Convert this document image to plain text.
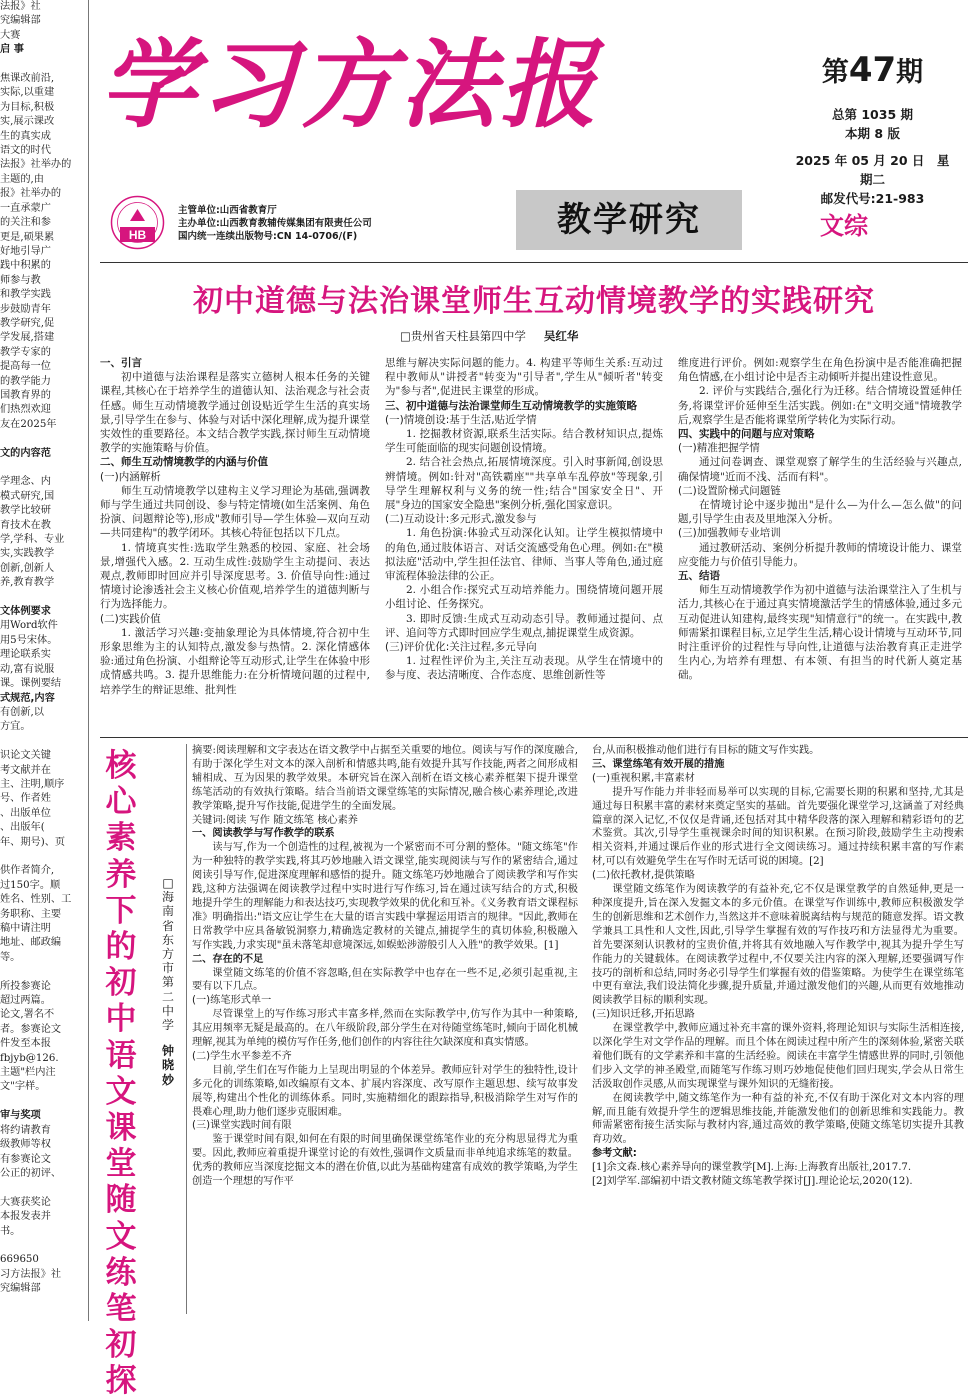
法报》社

究编辑部

大赛

启 事

焦课改前沿,

实际,以重建

为目标,积极

实,展示课改

生的真实成

语文的时代

法报》社举办的

主题的,由

报》社举办的

一直承蒙广

的关注和参

更是,硕果累

好地引导广

践中积累的

师参与教

和教学实践

步鼓励青年

教学研究,促

学发展,搭建

教学专家的

提高每一位

的教学能力

国教育界的

们热烈欢迎

友在2025年

文的内容范

学理念、内

模式研究,国

教学比较研

育技术在教

学,学科、专业

实,实践教学

创新,创新人

养,教育教学

文体例要求

用Word软件

用5号宋体。

理论联系实

动,富有说服

课。课例要结

式规范,内容

有创新,以

方宜。

识论文关键

考文献并在

主、注明,顺序

号、作者姓

、出版单位

、出版年(

年、期号)、页

供作者简介,

过150字。顺

姓名、性别、工

务职称、主要

稿中请注明

地址、邮政编

等。

所投参赛论

超过两篇。

论文,署名不

者。参赛论文

件发至本报

fbjyb@126.

主题"栏内注

文"字样。

审与奖项

将约请教育

级教师等权

有参赛论文

公正的初评、

大赛获奖论

本报发表并

书。

669650

习方法报》社

究编辑部

学习方法报	第47期
总第 1035 期
本期 8 版
2025 年 05 月 20 日　星期二
邮发代号:21-983
HB
主管单位:山西省教育厅
主办单位:山西教育教辅传媒集团有限责任公司
国内统一连续出版物号:CN 14-0706/(F)	教学研究	文综
初中道德与法治课堂师生互动情境教学的实践研究
□贵州省天柱县第四中学 吴红华

一、引言

初中道德与法治课程是落实立德树人根本任务的关键课程,其核心在于培养学生的道德认知、法治观念与社会责任感。师生互动情境教学通过创设贴近学生生活的真实场景,引导学生在参与、体验与对话中深化理解,成为提升课堂实效性的重要路径。本文结合教学实践,探讨师生互动情境教学的实施策略与价值。

二、师生互动情境教学的内涵与价值

(一)内涵解析

师生互动情境教学以建构主义学习理论为基础,强调教师与学生通过共同创设、参与特定情境(如生活案例、角色扮演、问题辩论等),形成"教师引导—学生体验—双向互动—共同建构"的教学闭环。其核心特征包括以下几点。

1. 情境真实性:选取学生熟悉的校园、家庭、社会场景,增强代入感。2. 互动生成性:鼓励学生主动提问、表达观点,教师即时回应并引导深度思考。3. 价值导向性:通过情境讨论渗透社会主义核心价值观,培养学生的道德判断与行为选择能力。

(二)实践价值

1. 激活学习兴趣:变抽象理论为具体情境,符合初中生形象思维为主的认知特点,激发参与热情。2. 深化情感体验:通过角色扮演、小组辩论等互动形式,让学生在体验中形成情感共鸣。3. 提升思维能力:在分析情境问题的过程中,培养学生的辩证思维、批判性

思维与解决实际问题的能力。4. 构建平等师生关系:互动过程中教师从"讲授者"转变为"引导者",学生从"倾听者"转变为"参与者",促进民主课堂的形成。

三、初中道德与法治课堂师生互动情境教学的实施策略

(一)情境创设:基于生活,贴近学情

1. 挖掘教材资源,联系生活实际。结合教材知识点,提炼学生可能面临的现实问题创设情境。

2. 结合社会热点,拓展情境深度。引入时事新闻,创设思辨情境。例如:针对"高铁霸座""共享单车乱停放"等现象,引导学生理解权利与义务的统一性;结合"国家安全日"、开展"身边的国家安全隐患"案例分析,强化国家意识。

(二)互动设计:多元形式,激发参与

1. 角色扮演:体验式互动深化认知。让学生模拟情境中的角色,通过肢体语言、对话交流感受角色心理。例如:在"模拟法庭"活动中,学生担任法官、律师、当事人等角色,通过庭审流程体验法律的公正。

2. 小组合作:探究式互动培养能力。围绕情境问题开展小组讨论、任务探究。

3. 即时反馈:生成式互动动态引导。教师通过提问、点评、追问等方式即时回应学生观点,捕捉课堂生成资源。

(三)评价优化:关注过程,多元导向

1. 过程性评价为主,关注互动表现。从学生在情境中的参与度、表达清晰度、合作态度、思维创新性等

维度进行评价。例如:观察学生在角色扮演中是否能准确把握角色情感,在小组讨论中是否主动倾听并提出建设性意见。

2. 评价与实践结合,强化行为迁移。结合情境设置延伸任务,将课堂评价延伸至生活实践。例如:在"文明交通"情境教学后,观察学生是否能将课堂所学转化为实际行动。

四、实践中的问题与应对策略

(一)精准把握学情

通过问卷调查、课堂观察了解学生的生活经验与兴趣点,确保情境"近而不浅、活而有料"。

(二)设置阶梯式问题链

在情境讨论中逐步抛出"是什么—为什么—怎么做"的问题,引导学生由表及里地深入分析。

(三)加强教师专业培训

通过教研活动、案例分析提升教师的情境设计能力、课堂应变能力与价值引导能力。

五、结语

师生互动情境教学作为初中道德与法治课堂注入了生机与活力,其核心在于通过真实情境激活学生的情感体验,通过多元互动促进认知建构,最终实现"知情意行"的统一。在实践中,教师需紧扣课程目标,立足学生生活,精心设计情境与互动环节,同时注重评价的过程性与导向性,让道德与法治教育真正走进学生内心,为培养有理想、有本领、有担当的时代新人奠定基础。

核
心
素
养
下
的
初
中
语
文
课
堂
随
文
练
笔
初
探
□
海
南
省
东
方
市
第
二
中
学
钟
晓
妙

摘要:阅读理解和文字表达在语文教学中占据至关重要的地位。阅读与写作的深度融合,有助于深化学生对文本的深入剖析和情感共鸣,能有效提升其写作技能,两者之间形成相辅相成、互为因果的教学效果。本研究旨在深入剖析在语文核心素养框架下提升课堂练笔活动的有效执行策略。结合当前语文课堂练笔的实际情况,融合核心素养理论,改进教学策略,提升写作技能,促进学生的全面发展。

关键词:阅读 写作 随文练笔 核心素养

一、阅读教学与写作教学的联系

读与写,作为一个创造性的过程,被视为一个紧密而不可分割的整体。"随文练笔"作为一种独特的教学实践,将其巧妙地融入语文课堂,能实现阅读与写作的紧密结合,通过阅读引导写作,促进深度理解和感悟的提升。随文练笔巧妙地融合了阅读教学和写作实践,这种方法强调在阅读教学过程中实时进行写作练习,旨在通过读写结合的方式,积极地提升学生的理解能力和表达技巧,实现教学效果的优化和互补。《义务教育语文课程标准》明确指出:"语文应让学生在大量的语言实践中掌握运用语言的规律。"因此,教师在日常教学中应具备敏锐洞察力,精确选定教材的关键点,捕捉学生的真切体验,积极融入写作实践,力求实现"虽未落笔却意境深远,如蜈蚣涉游般引人入胜"的教学效果。[1]

二、存在的不足

课堂随文练笔的价值不容忽略,但在实际教学中也存在一些不足,必须引起重视,主要有以下几点。

(一)练笔形式单一

尽管课堂上的写作练习形式丰富多样,然而在实际教学中,仿写作为其中一种策略,其应用频率无疑是最高的。在八年级阶段,部分学生在对待随堂练笔时,倾向于固化机械理解,视其为单纯的模仿写作任务,他们创作的内容往往欠缺深度和真实情感。

(二)学生水平参差不齐

目前,学生们在写作能力上呈现出明显的个体差异。教师应针对学生的独特性,设计多元化的训练策略,如改编原有文本、扩展内容深度、改写原作主题思想、续写故事发展等,构建出个性化的训练体系。同时,实施精细化的跟踪指导,积极消除学生对写作的畏难心理,助力他们逐步克服困难。

(三)课堂实践时间有限

鉴于课堂时间有限,如何在有限的时间里确保课堂练笔作业的充分构思显得尤为重要。因此,教师应着重提升课堂讨论的有效性,强调作文质量而非单纯追求练笔的数量。优秀的教师应当深度挖掘文本的潜在价值,以此为基础构建富有成效的教学策略,为学生创造一个理想的写作平

台,从而积极推动他们进行有目标的随文写作实践。

三、课堂练笔有效开展的措施

(一)重视积累,丰富素材

提升写作能力并非轻而易举可以实现的目标,它需要长期的积累和坚持,尤其是通过每日积累丰富的素材来奠定坚实的基础。首先要强化课堂学习,这涵盖了对经典篇章的深入记忆,不仅仅是背诵,还包括对其中精华段落的深入理解和精彩语句的艺术鉴赏。其次,引导学生重视课余时间的知识积累。在预习阶段,鼓励学生主动搜索相关资料,并通过课后作业的形式进行全文阅读练习。通过持续积累丰富的写作素材,可以有效避免学生在写作时无话可说的困境。[2]

(二)依托教材,提供策略

课堂随文练笔作为阅读教学的有益补充,它不仅是课堂教学的自然延伸,更是一种深度提升,旨在深入发掘文本的多元价值。在课堂写作训练中,教师应积极激发学生的创新思维和艺术创作力,当然这并不意味着脱离结构与规范的随意发挥。语文教学兼具工具性和人文性,因此,引导学生掌握有效的写作技巧和方法显得尤为重要。首先要深刻认识教材的宝贵价值,并将其有效地融入写作教学中,视其为提升学生写作能力的关键载体。在阅读教学过程中,不仅要关注内容的深入理解,还要强调写作技巧的剖析和总结,同时务必引导学生们掌握有效的借鉴策略。为使学生在课堂练笔中更有章法,我们设法简化步骤,提升质量,并通过激发他们的兴趣,从而更有效地推动阅读教学目标的顺利实现。

(三)知识迁移,开拓思路

在课堂教学中,教师应通过补充丰富的课外资料,将理论知识与实际生活相连接,以深化学生对文学作品的理解。而且个体在阅读过程中所产生的深刻体验,紧密关联着他们既有的文学素养和丰富的生活经验。阅读在丰富学生情感世界的同时,引领他们步入文学的神圣殿堂,而随笔写作练习则巧妙地促使他们回归现实,学会从日常生活汲取创作灵感,从而实现课堂与课外知识的无缝衔接。

在阅读教学中,随文练笔作为一种有益的补充,不仅有助于深化对文本内容的理解,而且能有效提升学生的逻辑思维技能,并能激发他们的创新思维和实践能力。教师需紧密衔接生活实际与教材内容,通过高效的教学策略,使随文练笔切实提升其教育功效。

参考文献:

[1]余文森.核心素养导向的课堂教学[M].上海:上海教育出版社,2017.7.

[2]刘学军.部编初中语文教材随文练笔教学探讨[J].理论论坛,2020(12).
